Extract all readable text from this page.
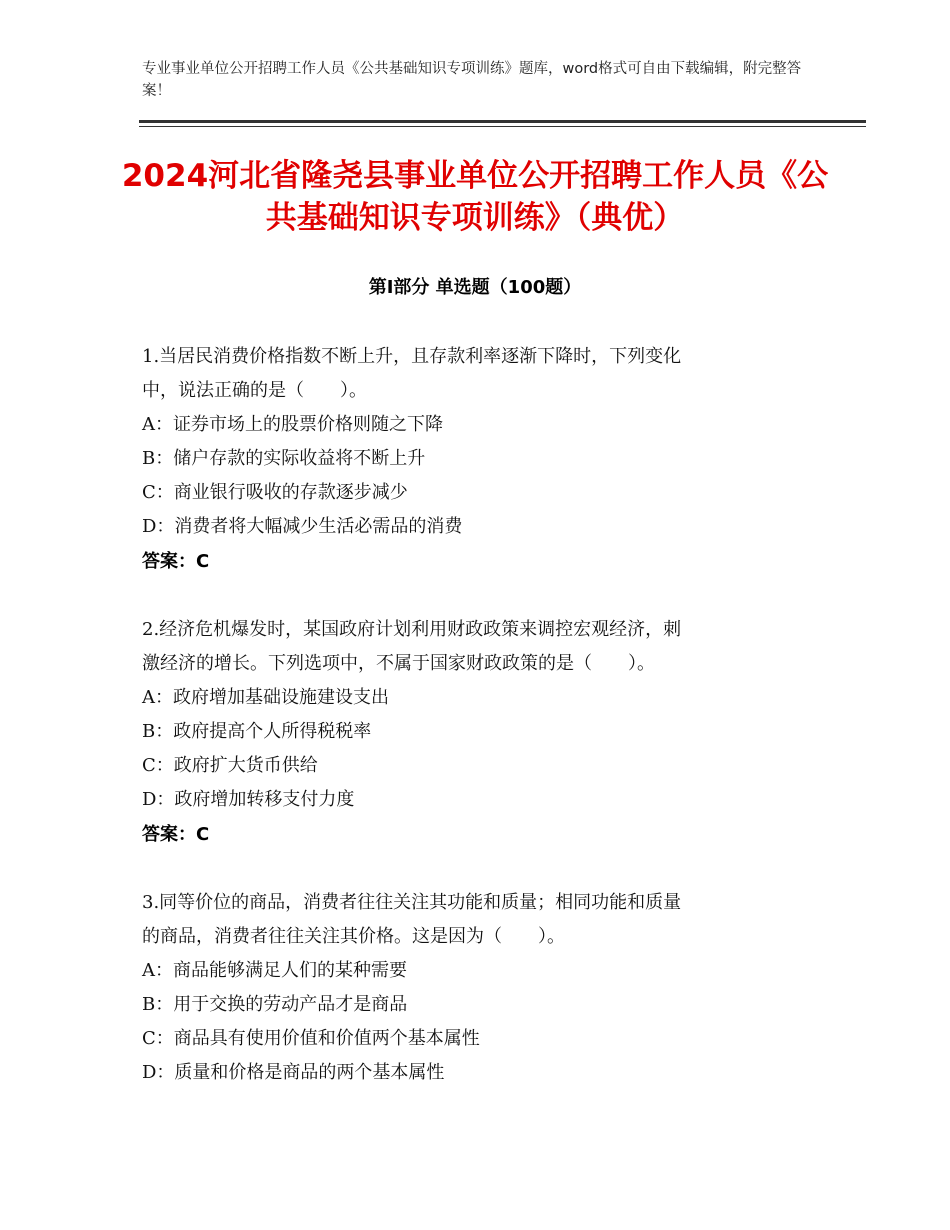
专业事业单位公开招聘工作人员《公共基础知识专项训练》题库，word格式可自由下载编辑，附完整答案！
2024河北省隆尧县事业单位公开招聘工作人员《公共基础知识专项训练》（典优）
第Ⅰ部分 单选题（100题）
1.当居民消费价格指数不断上升，且存款利率逐渐下降时，下列变化
中，说法正确的是（　　）。
A：证券市场上的股票价格则随之下降
B：储户存款的实际收益将不断上升
C：商业银行吸收的存款逐步减少
D：消费者将大幅减少生活必需品的消费
答案：C
2.经济危机爆发时，某国政府计划利用财政政策来调控宏观经济，刺
激经济的增长。下列选项中，不属于国家财政政策的是（　　）。
A：政府增加基础设施建设支出
B：政府提高个人所得税税率
C：政府扩大货币供给
D：政府增加转移支付力度
答案：C
3.同等价位的商品，消费者往往关注其功能和质量；相同功能和质量
的商品，消费者往往关注其价格。这是因为（　　）。
A：商品能够满足人们的某种需要
B：用于交换的劳动产品才是商品
C：商品具有使用价值和价值两个基本属性
D：质量和价格是商品的两个基本属性
